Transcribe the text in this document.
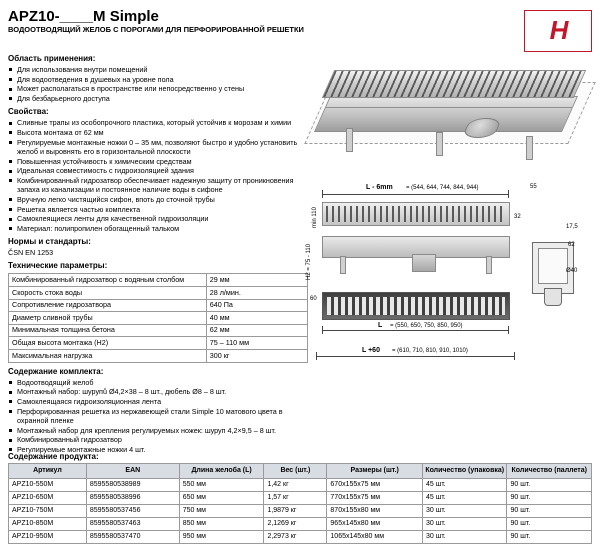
APZ10-____M Simple
ВОДООТВОДЯЩИЙ ЖЕЛОБ С ПОРОГАМИ ДЛЯ ПЕРФОРИРОВАННОЙ РЕШЕТКИ	H
Область применения:
Для использования внутри помещений
Для водоотведения в душевых на уровне пола
Может располагаться в пространстве или непосредственно у стены
Для безбарьерного доступа
Свойства:
Сливные трапы из особопрочного пластика, который устойчив к морозам и химии
Высота монтажа от 62 мм
Регулируемые монтажные ножки 0 – 35 мм, позволяют быстро и удобно установить желоб и выровнять его в горизонтальной плоскости
Повышенная устойчивость к химическим средствам
Идеальная совместимость с гидроизоляцией здания
Комбинированный гидрозатвор обеспечивает надежную защиту от проникновения запаха из канализации и постоянное наличие воды в сифоне
Вручную легко чистящийся сифон, впоть до сточной трубы
Решетка является частью комплекта
Самоклеящиеся ленты для качественной гидроизоляции
Материал: полипропилен обогащенный тальком
Нормы и стандарты:
ČSN EN 1253
Технические параметры:
Комбинированный гидрозатвор с водяным столбом	29 мм
Скорость стока воды	28 л/мин.
Сопротивление гидрозатвора	640 Па
Диаметр сливной трубы	40 мм
Минимальная толщина бетона	62 мм
Общая высота монтажа (H2)	75 – 110 мм
Максимальная нагрузка	300 кг
Содержание комплекта:
Водоотводящий желоб
Монтажный набор: шурупů Ø4,2×38 – 8 шт., дюбель Ø8 – 8 шт.
Самоклеящаяся гидроизоляционная лента
Перфорированная решетка из нержавеющей стали Simple 10 матового цвета в охранной пленке
Монтажный набор для крепления регулируемых ножек: шуруп 4,2×9,5 – 8 шт.
Комбинированный гидрозатвор
Регулируемые монтажные ножки 4 шт.
L - 6mm = (544, 644, 744, 844, 944)
min 110
H2 = 75 - 110
55
32
17,5
62
Ø40
60
L = (550, 650, 750, 850, 950)
L +60 = (610, 710, 810, 910, 1010)
Содержание продукта:
Артикул	EAN	Длина желоба (L)	Вес (шт.)	Размеры (шт.)	Количество (упаковка)	Количество (паллета)
APZ10-550M	8595580538989	550 мм	1,42 кг	670х155х75 мм	45 шт.	90 шт.
APZ10-650M	8595580538996	650 мм	1,57 кг	770х155х75 мм	45 шт.	90 шт.
APZ10-750M	8595580537456	750 мм	1,9879 кг	870х155х80 мм	30 шт.	90 шт.
APZ10-850M	8595580537463	850 мм	2,1269 кг	965х145х80 мм	30 шт.	90 шт.
APZ10-950M	8595580537470	950 мм	2,2973 кг	1065х145х80 мм	30 шт.	90 шт.
